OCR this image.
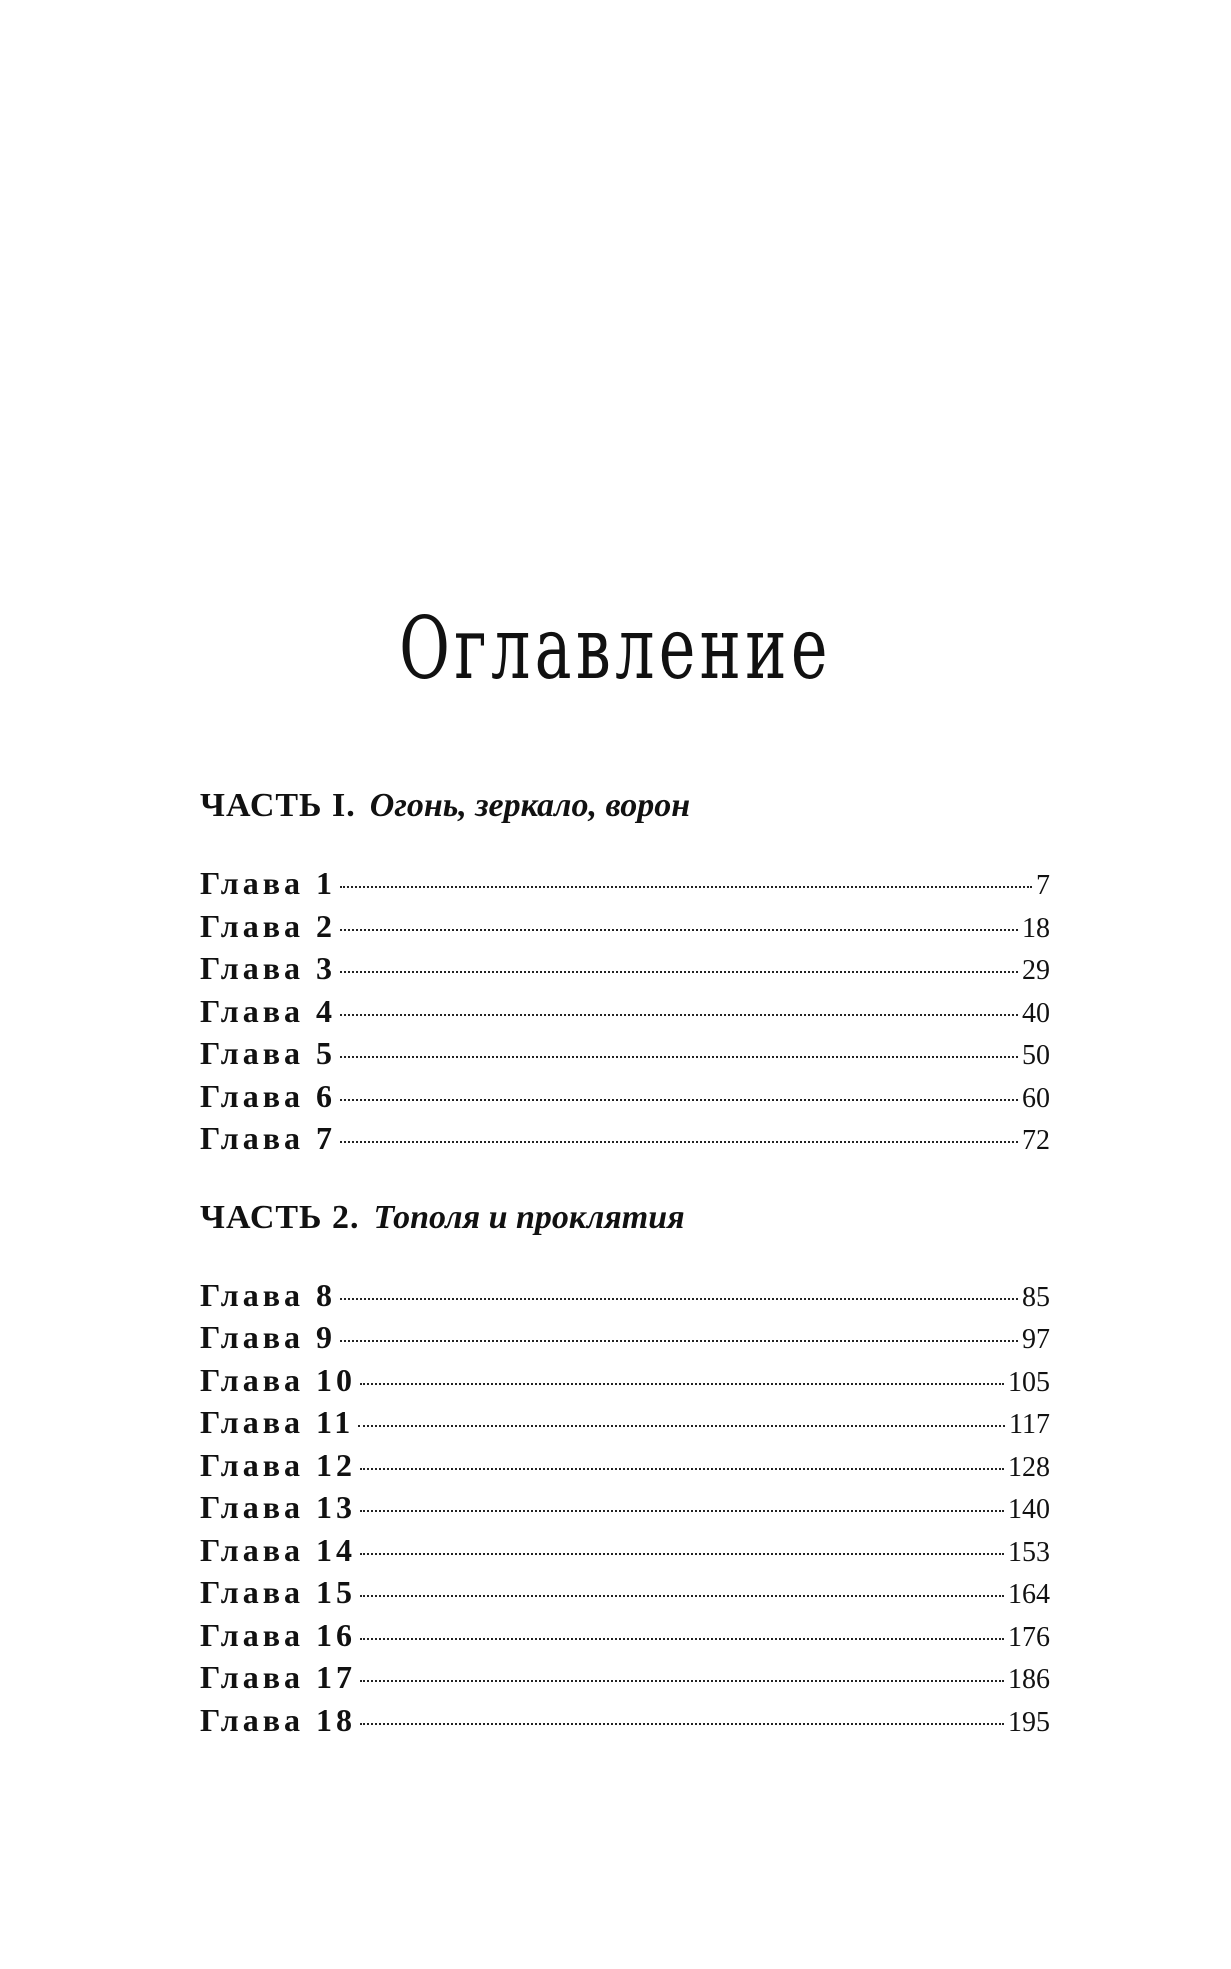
Оглавление
ЧАСТЬ I. Огонь, зеркало, ворон
Глава 1	7
Глава 2	18
Глава 3	29
Глава 4	40
Глава 5	50
Глава 6	60
Глава 7	72
ЧАСТЬ 2. Тополя и проклятия
Глава 8	85
Глава 9	97
Глава 10	105
Глава 11	117
Глава 12	128
Глава 13	140
Глава 14	153
Глава 15	164
Глава 16	176
Глава 17	186
Глава 18	195
